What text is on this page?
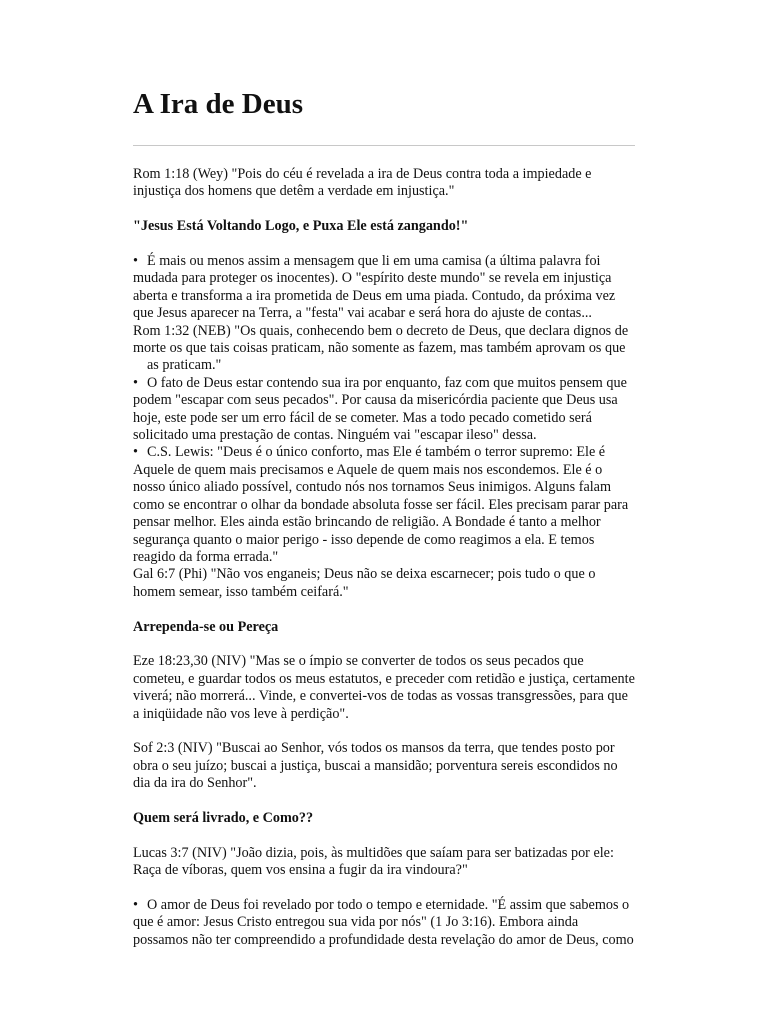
A Ira de Deus
Rom 1:18 (Wey) "Pois do céu é revelada a ira de Deus contra toda a impiedade e
injustiça dos homens que detêm a verdade em injustiça."
"Jesus Está Voltando Logo, e Puxa Ele está zangando!"
• É mais ou menos assim a mensagem que li em uma camisa (a última palavra foi
mudada para proteger os inocentes). O "espírito deste mundo" se revela em injustiça
aberta e transforma a ira prometida de Deus em uma piada. Contudo, da próxima vez
que Jesus aparecer na Terra, a "festa" vai acabar e será hora do ajuste de contas...
Rom 1:32 (NEB) "Os quais, conhecendo bem o decreto de Deus, que declara dignos de
morte os que tais coisas praticam, não somente as fazem, mas também aprovam os que
as praticam."
• O fato de Deus estar contendo sua ira por enquanto, faz com que muitos pensem que
podem "escapar com seus pecados". Por causa da misericórdia paciente que Deus usa
hoje, este pode ser um erro fácil de se cometer. Mas a todo pecado cometido será
solicitado uma prestação de contas. Ninguém vai "escapar ileso" dessa.
• C.S. Lewis: "Deus é o único conforto, mas Ele é também o terror supremo: Ele é
Aquele de quem mais precisamos e Aquele de quem mais nos escondemos. Ele é o
nosso único aliado possível, contudo nós nos tornamos Seus inimigos. Alguns falam
como se encontrar o olhar da bondade absoluta fosse ser fácil. Eles precisam parar para
pensar melhor. Eles ainda estão brincando de religião. A Bondade é tanto a melhor
segurança quanto o maior perigo - isso depende de como reagimos a ela. E temos
reagido da forma errada."
Gal 6:7 (Phi) "Não vos enganeis; Deus não se deixa escarnecer; pois tudo o que o
homem semear, isso também ceifará."
Arrependa-se ou Pereça
Eze 18:23,30 (NIV) "Mas se o ímpio se converter de todos os seus pecados que
cometeu, e guardar todos os meus estatutos, e preceder com retidão e justiça, certamente
viverá; não morrerá... Vinde, e convertei-vos de todas as vossas transgressões, para que
a iniqüidade não vos leve à perdição".
Sof 2:3 (NIV) "Buscai ao Senhor, vós todos os mansos da terra, que tendes posto por
obra o seu juízo; buscai a justiça, buscai a mansidão; porventura sereis escondidos no
dia da ira do Senhor".
Quem será livrado, e Como??
Lucas 3:7 (NIV) "João dizia, pois, às multidões que saíam para ser batizadas por ele:
Raça de víboras, quem vos ensina a fugir da ira vindoura?"
• O amor de Deus foi revelado por todo o tempo e eternidade. "É assim que sabemos o
que é amor: Jesus Cristo entregou sua vida por nós" (1 Jo 3:16). Embora ainda
possamos não ter compreendido a profundidade desta revelação do amor de Deus, como
